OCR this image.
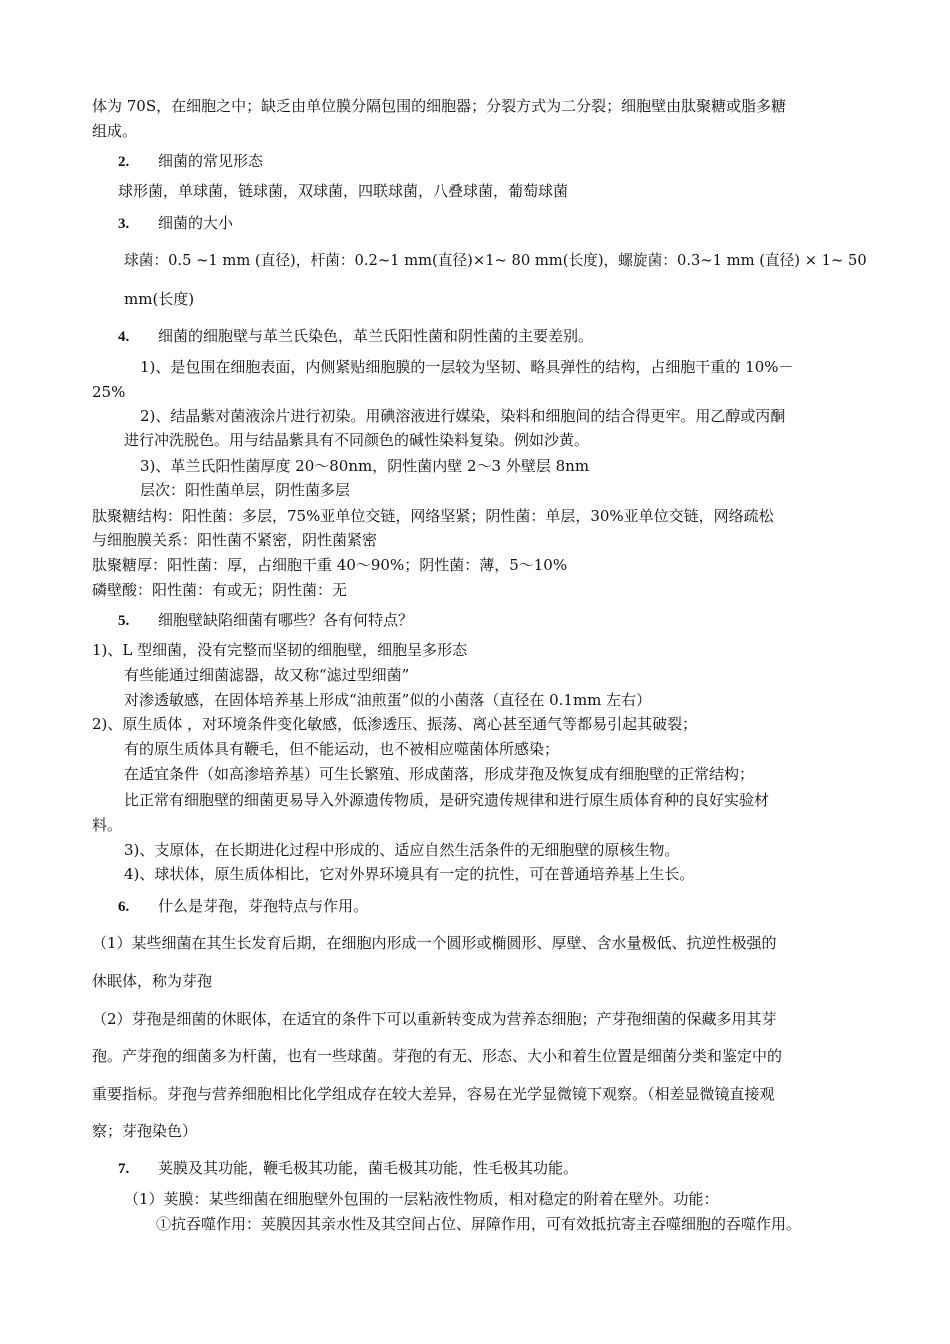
体为 70S，在细胞之中；缺乏由单位膜分隔包围的细胞器；分裂方式为二分裂；细胞壁由肽聚糖或脂多糖
组成。
2. 细菌的常见形态
球形菌，单球菌，链球菌，双球菌，四联球菌，八叠球菌，葡萄球菌
3. 细菌的大小
球菌：0.5 ~1 mm (直径)，杆菌：0.2~1 mm(直径)×1~ 80 mm(长度)，螺旋菌：0.3~1 mm (直径) × 1~ 50
mm(长度)
4. 细菌的细胞壁与革兰氏染色，革兰氏阳性菌和阴性菌的主要差别。
1)、是包围在细胞表面，内侧紧贴细胞膜的一层较为坚韧、略具弹性的结构，占细胞干重的 10%－
25%
2)、结晶紫对菌液涂片进行初染。用碘溶液进行媒染，染料和细胞间的结合得更牢。用乙醇或丙酮
进行冲洗脱色。用与结晶紫具有不同颜色的碱性染料复染。例如沙黄。
3)、革兰氏阳性菌厚度 20～80nm，阴性菌内壁 2～3 外壁层 8nm
层次：阳性菌单层，阴性菌多层
肽聚糖结构：阳性菌：多层，75%亚单位交链，网络坚紧；阴性菌：单层，30%亚单位交链，网络疏松
与细胞膜关系：阳性菌不紧密，阴性菌紧密
肽聚糖厚：阳性菌：厚，占细胞干重 40～90%；阴性菌：薄，5～10%
磷壁酸：阳性菌：有或无；阴性菌：无
5. 细胞壁缺陷细菌有哪些？各有何特点？
1)、L 型细菌，没有完整而坚韧的细胞壁，细胞呈多形态
有些能通过细菌滤器，故又称“滤过型细菌”
对渗透敏感，在固体培养基上形成“油煎蛋”似的小菌落（直径在 0.1mm 左右）
2)、原生质体 ，对环境条件变化敏感，低渗透压、振荡、离心甚至通气等都易引起其破裂；
有的原生质体具有鞭毛，但不能运动，也不被相应噬菌体所感染；
在适宜条件（如高渗培养基）可生长繁殖、形成菌落，形成芽孢及恢复成有细胞壁的正常结构；
比正常有细胞壁的细菌更易导入外源遗传物质，是研究遗传规律和进行原生质体育种的良好实验材
料。
3)、支原体，在长期进化过程中形成的、适应自然生活条件的无细胞壁的原核生物。
4)、球状体，原生质体相比，它对外界环境具有一定的抗性，可在普通培养基上生长。
6. 什么是芽孢，芽孢特点与作用。
（1）某些细菌在其生长发育后期，在细胞内形成一个圆形或椭圆形、厚壁、含水量极低、抗逆性极强的
休眠体，称为芽孢
（2）芽孢是细菌的休眠体，在适宜的条件下可以重新转变成为营养态细胞；产芽孢细菌的保藏多用其芽
孢。产芽孢的细菌多为杆菌，也有一些球菌。芽孢的有无、形态、大小和着生位置是细菌分类和鉴定中的
重要指标。芽孢与营养细胞相比化学组成存在较大差异，容易在光学显微镜下观察。（相差显微镜直接观
察；芽孢染色）
7. 荚膜及其功能，鞭毛极其功能，菌毛极其功能，性毛极其功能。
（1）荚膜：某些细菌在细胞壁外包围的一层粘液性物质，相对稳定的附着在壁外。功能：
①抗吞噬作用：荚膜因其亲水性及其空间占位、屏障作用，可有效抵抗寄主吞噬细胞的吞噬作用。
